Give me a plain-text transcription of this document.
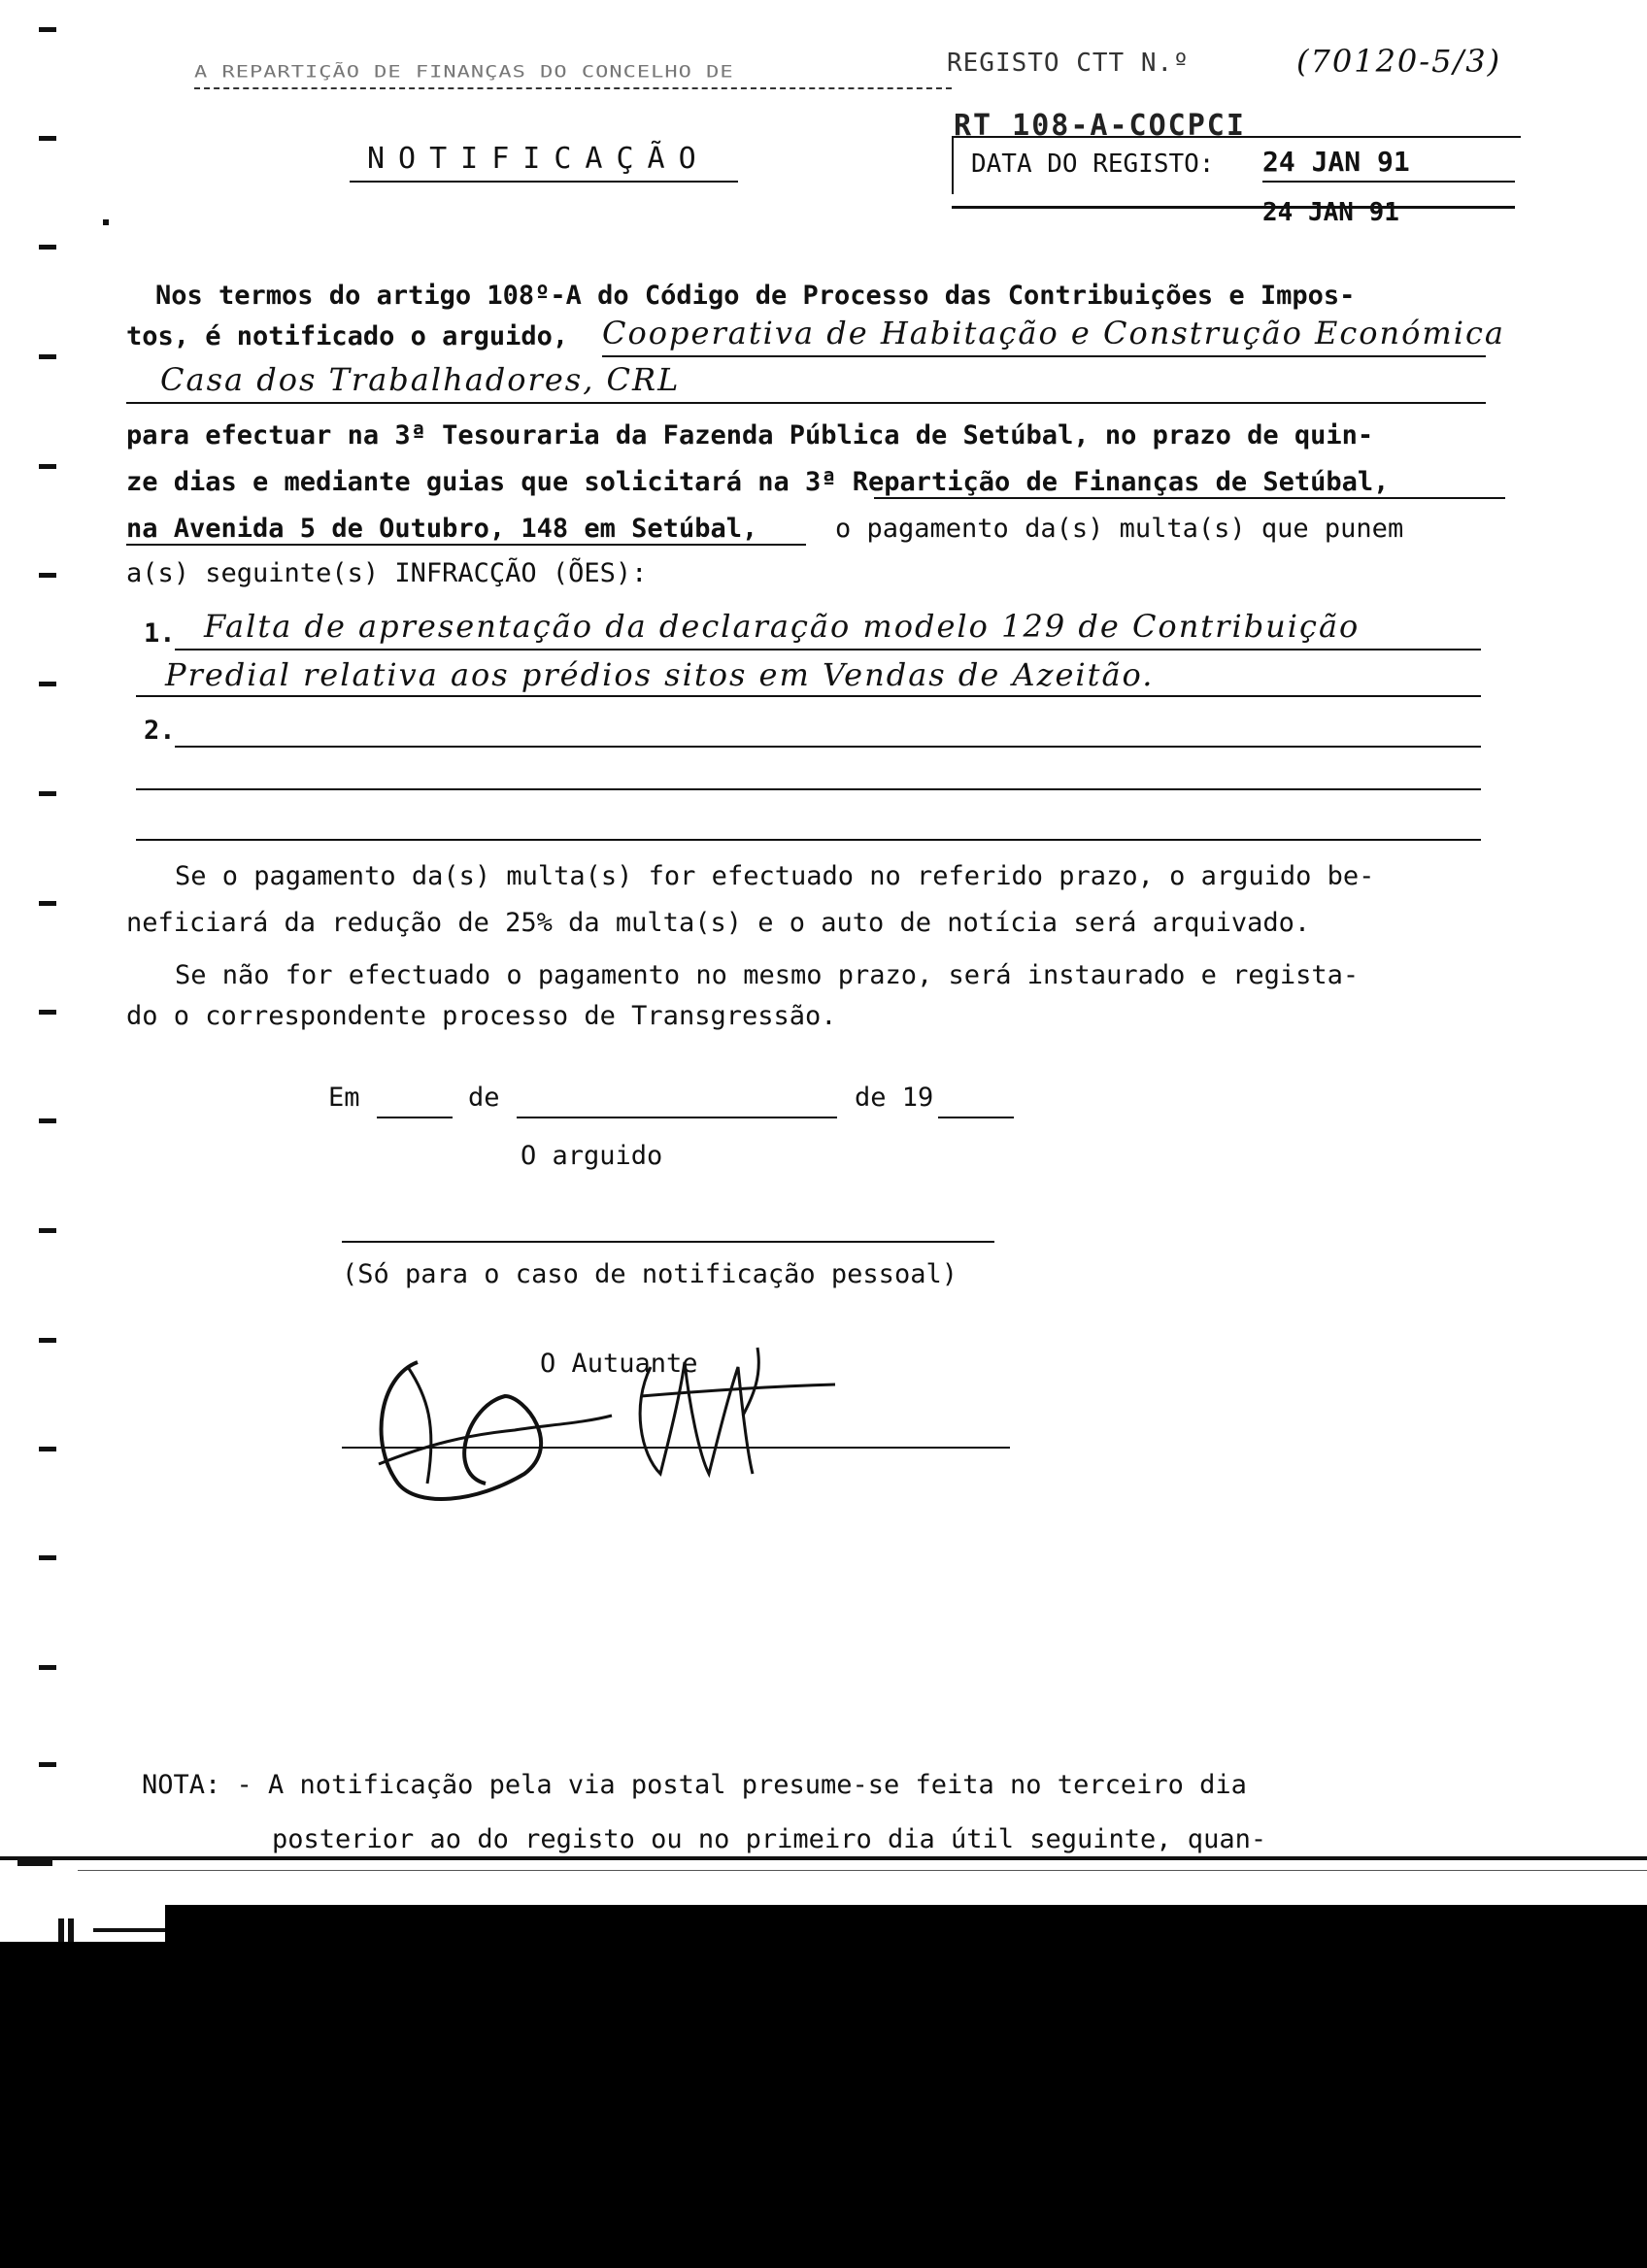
A REPARTIÇÃO DE FINANÇAS DO CONCELHO DE	REGISTO CTT N.º	(70120-5/3)
RT 108-A-COCPCI
DATA DO REGISTO: 24 JAN 91
24 JAN 91
NOTIFICAÇÃO
Nos termos do artigo 108º-A do Código de Processo das Contribuições e Impos-
tos, é notificado o arguido, Cooperativa de Habitação e Construção Económica
Casa dos Trabalhadores, CRL
para efectuar na 3ª Tesouraria da Fazenda Pública de Setúbal, no prazo de quin-
ze dias e mediante guias que solicitará na 3ª Repartição de Finanças de Setúbal,
na Avenida 5 de Outubro, 148 em Setúbal,	o pagamento da(s) multa(s) que punem
a(s) seguinte(s) INFRACÇÃO (ÕES):
1. Falta de apresentação da declaração modelo 129 de Contribuição
Predial relativa aos prédios sitos em Vendas de Azeitão.
2.
Se o pagamento da(s) multa(s) for efectuado no referido prazo, o arguido be-
neficiará da redução de 25% da multa(s) e o auto de notícia será arquivado.
Se não for efectuado o pagamento no mesmo prazo, será instaurado e regista-
do o correspondente processo de Transgressão.
Em	de	de 19
O arguido
(Só para o caso de notificação pessoal)
O Autuante
NOTA: - A notificação pela via postal presume-se feita no terceiro dia
posterior ao do registo ou no primeiro dia útil seguinte, quan-
